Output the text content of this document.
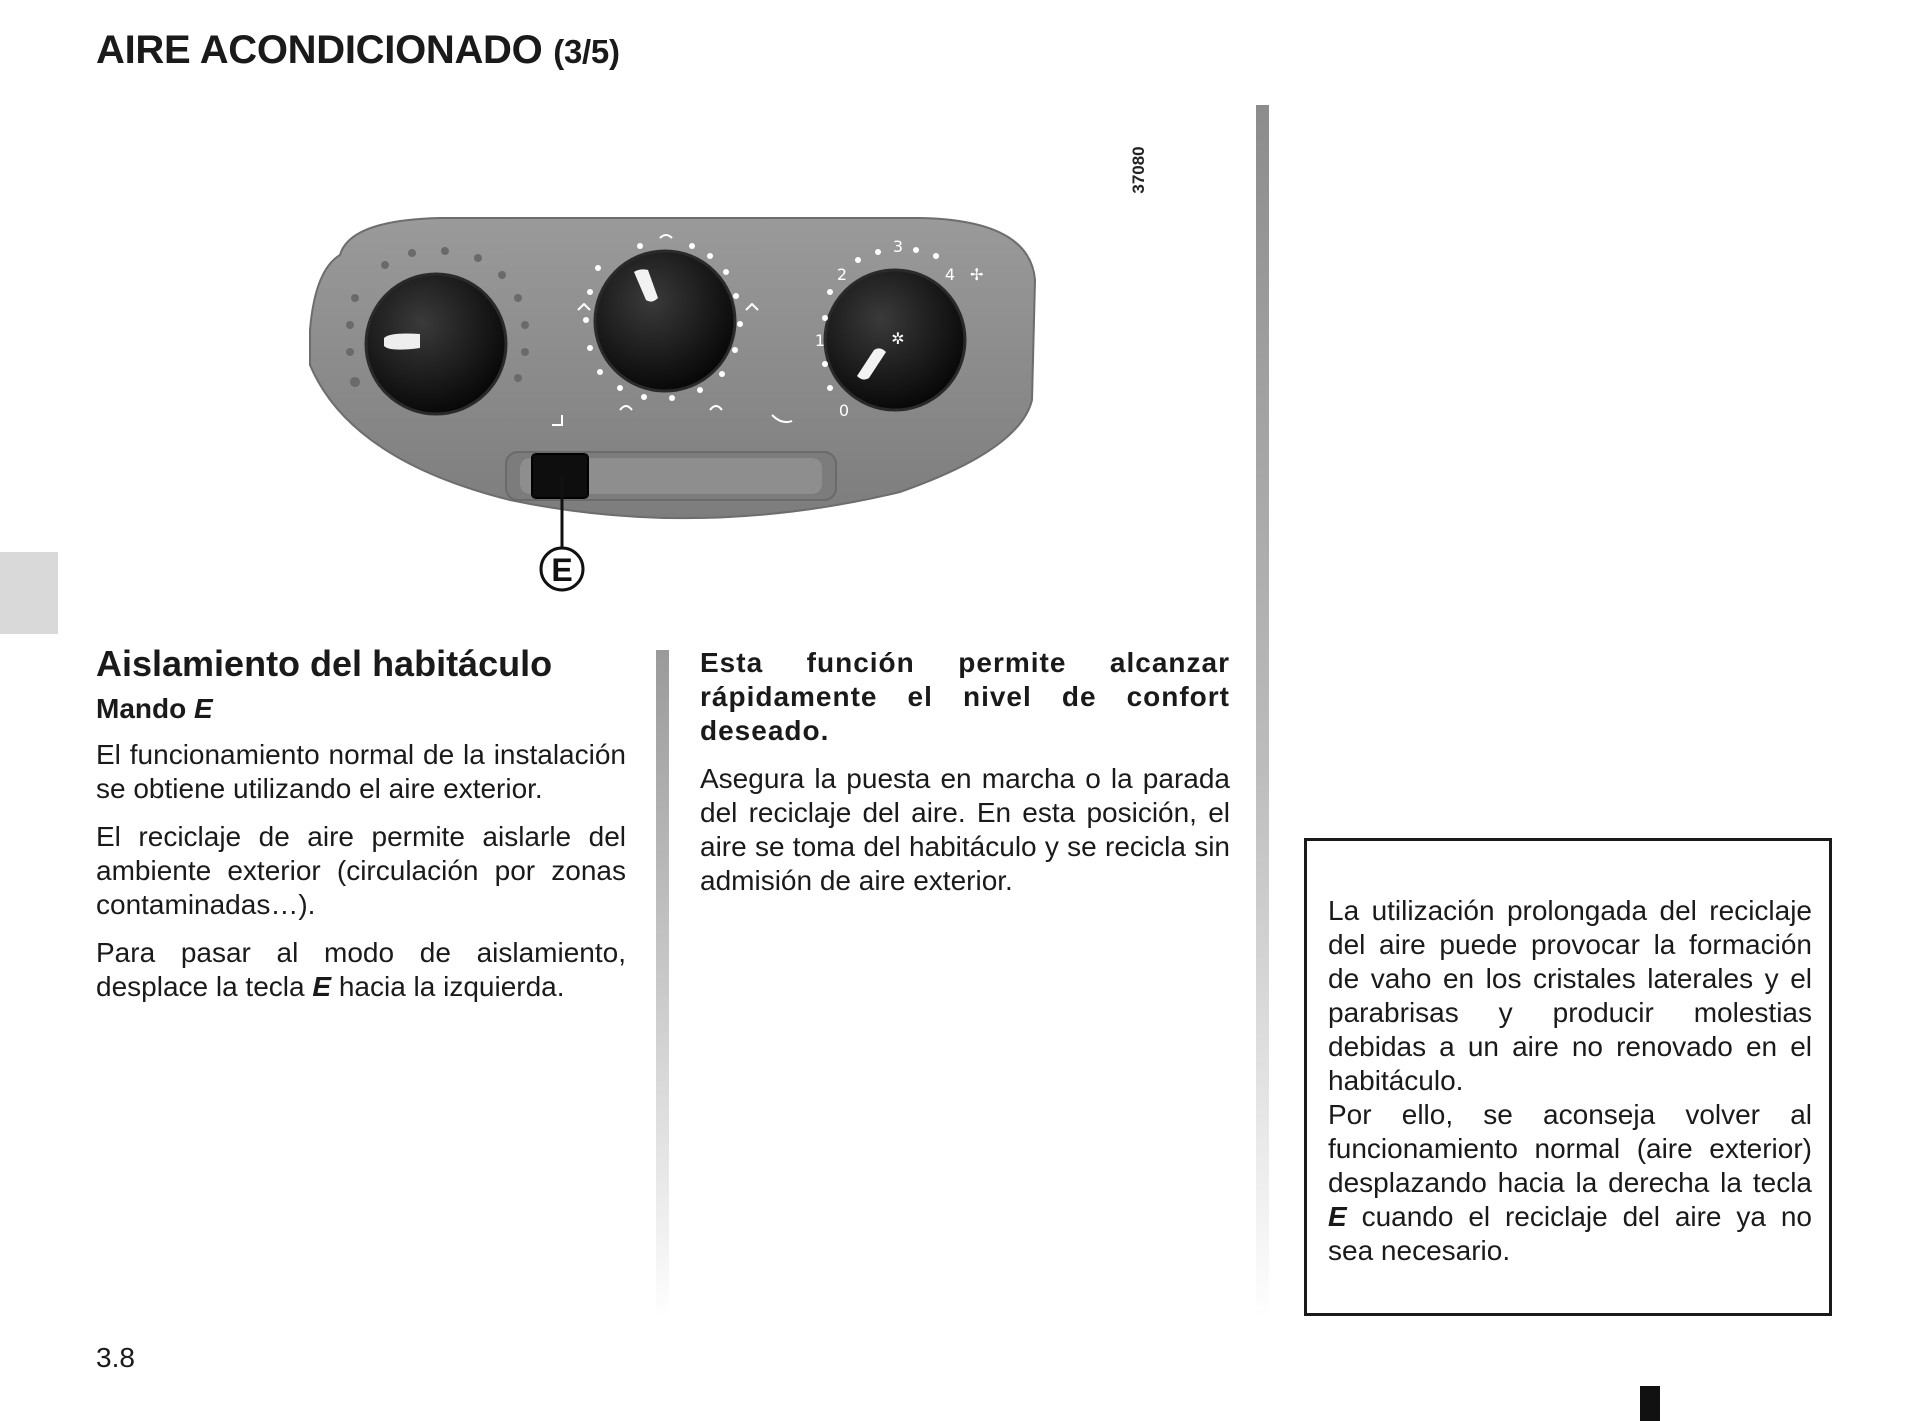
AIRE ACONDICIONADO (3/5)
✲
0
1
2
3
4 ✢
E
37080
Aislamiento del habitáculo
Mando E

El funcionamiento normal de la instalación se obtiene utilizando el aire exterior.

El reciclaje de aire permite aislarle del ambiente exterior (circulación por zonas contaminadas…).

Para pasar al modo de aislamiento, desplace la tecla E hacia la izquierda.

Esta función permite alcanzar rápidamente el nivel de confort deseado.

Asegura la puesta en marcha o la parada del reciclaje del aire. En esta posición, el aire se toma del habitáculo y se recicla sin admisión de aire exterior.

La utilización prolongada del reciclaje del aire puede provocar la formación de vaho en los cristales laterales y el parabrisas y producir molestias debidas a un aire no renovado en el habitáculo.

Por ello, se aconseja volver al funcionamiento normal (aire exterior) desplazando hacia la derecha la tecla E cuando el reciclaje del aire ya no sea necesario.

3.8
